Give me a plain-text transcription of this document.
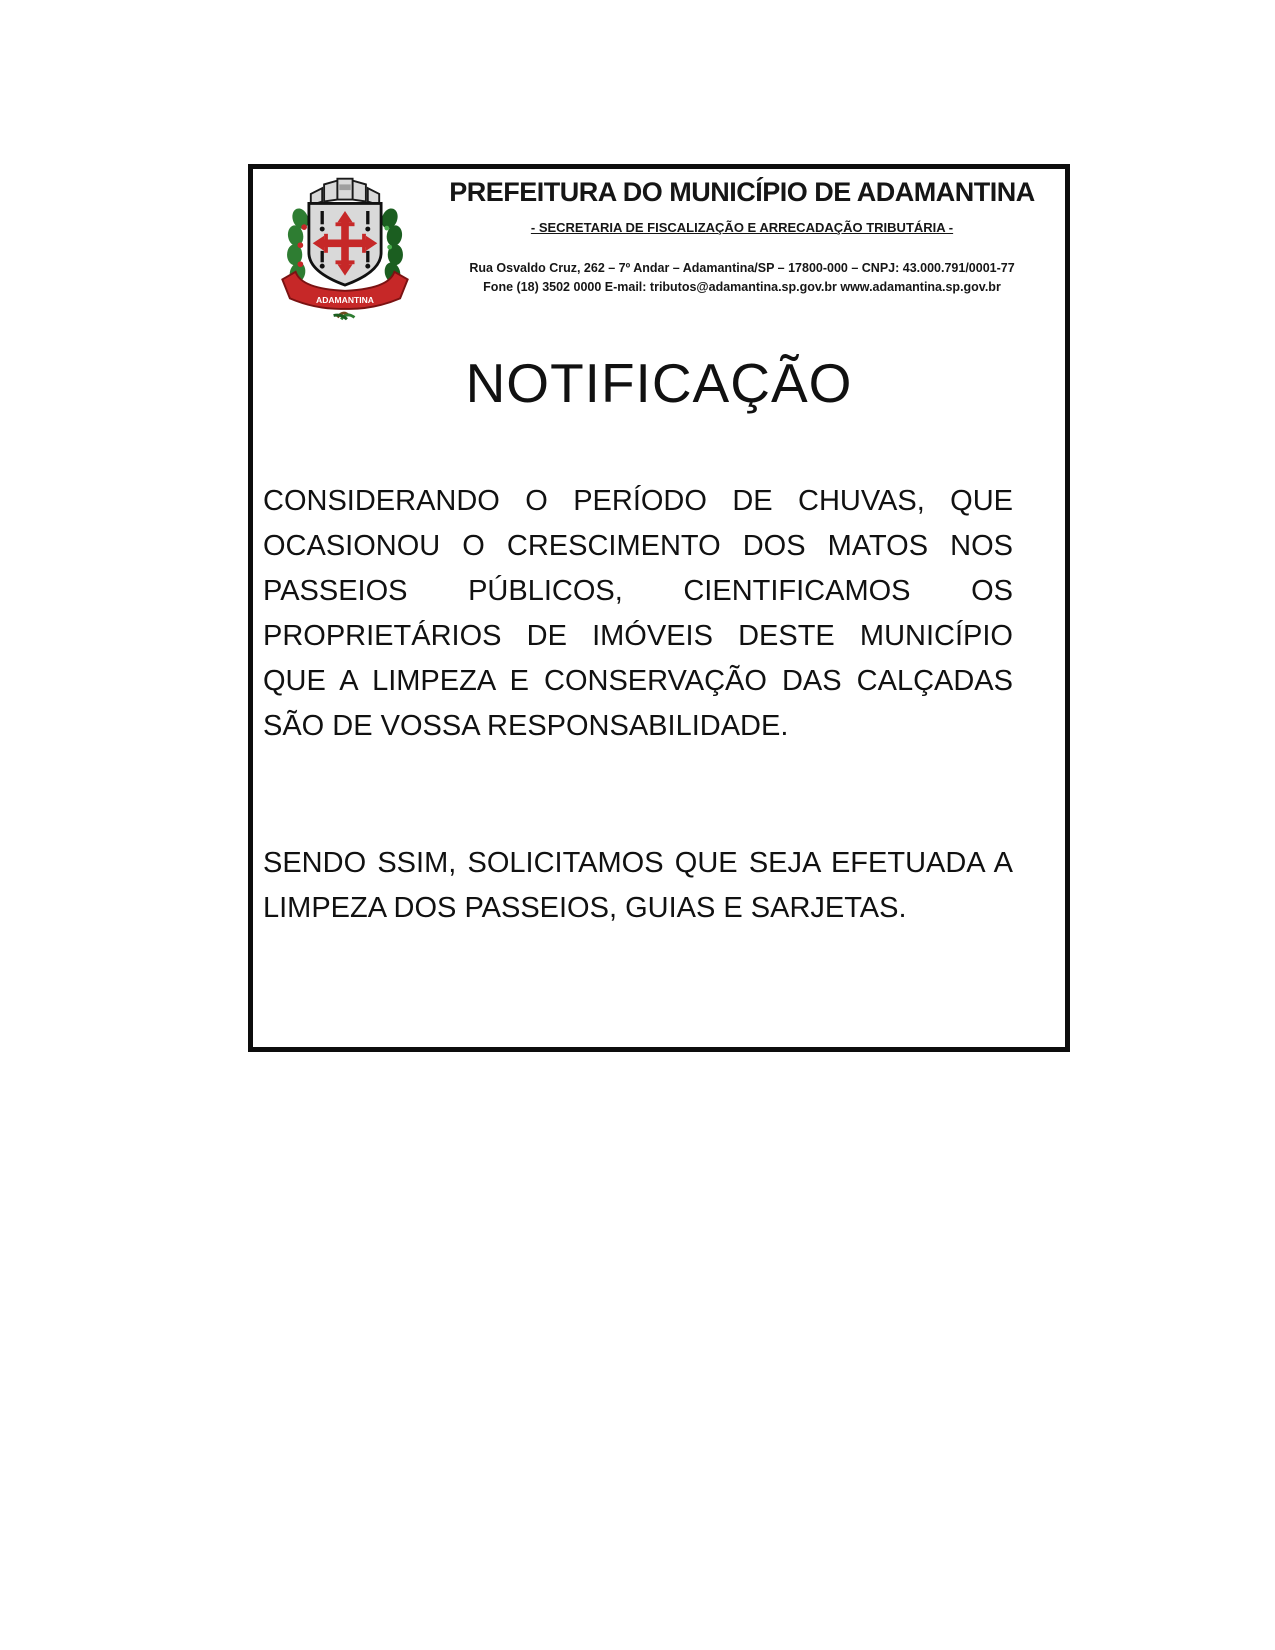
ADAMANTINA
PREFEITURA DO MUNICÍPIO DE ADAMANTINA
- SECRETARIA DE FISCALIZAÇÃO E ARRECADAÇÃO TRIBUTÁRIA -
Rua Osvaldo Cruz, 262 – 7º Andar – Adamantina/SP – 17800-000 – CNPJ: 43.000.791/0001-77
Fone (18) 3502 0000 E-mail: tributos@adamantina.sp.gov.br www.adamantina.sp.gov.br
NOTIFICAÇÃO
CONSIDERANDO O PERÍODO DE CHUVAS, QUE OCASIONOU O CRESCIMENTO DOS MATOS NOS PASSEIOS PÚBLICOS, CIENTIFICAMOS OS PROPRIETÁRIOS DE IMÓVEIS DESTE MUNICÍPIO QUE A LIMPEZA E CONSERVAÇÃO DAS CALÇADAS SÃO DE VOSSA RESPONSABILIDADE.
SENDO SSIM, SOLICITAMOS QUE SEJA EFETUADA A LIMPEZA DOS PASSEIOS, GUIAS E SARJETAS.
